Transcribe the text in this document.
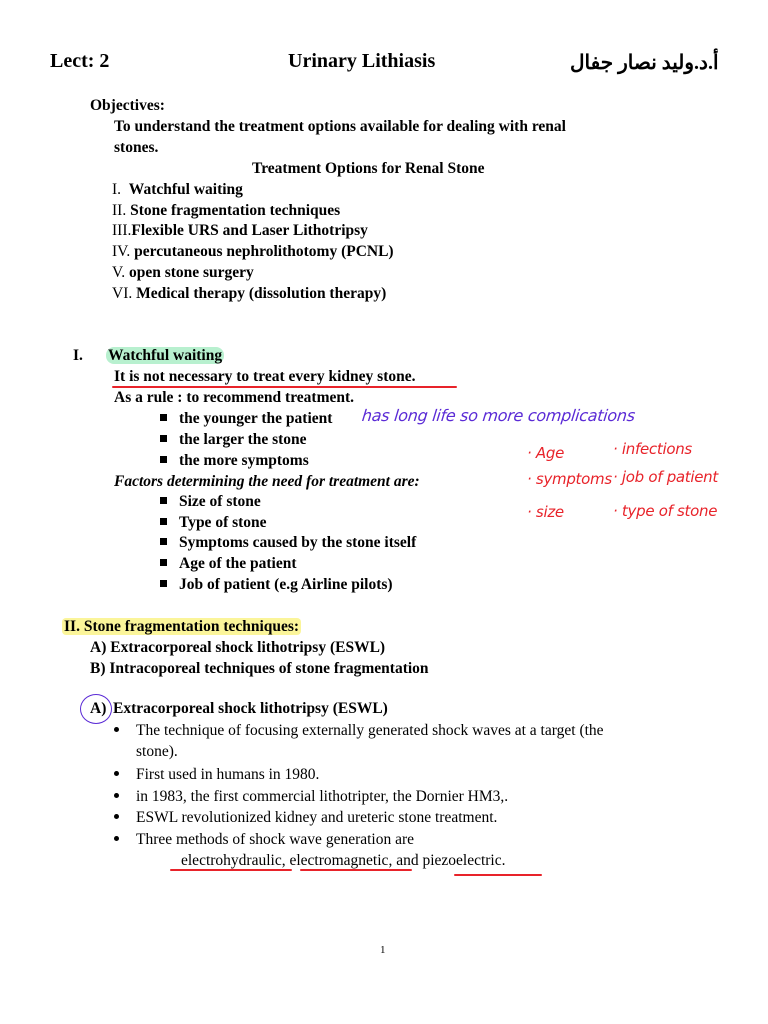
Lect: 2	Urinary Lithiasis	أ.د.وليد نصار جفال
Objectives:
To understand the treatment options available for dealing with renal
stones.
Treatment Options for Renal Stone
I. Watchful waiting
II. Stone fragmentation techniques
III.Flexible URS and Laser Lithotripsy
IV. percutaneous nephrolithotomy (PCNL)
V. open stone surgery
VI. Medical therapy (dissolution therapy)
I. Watchful waiting
It is not necessary to treat every kidney stone.
As a rule : to recommend treatment.
the younger the patient
the larger the stone
the more symptoms
Factors determining the need for treatment are:
Size of stone
Type of stone
Symptoms caused by the stone itself
Age of the patient
Job of patient (e.g Airline pilots)
has long life so more complications
· Age
· symptoms
· size
· infections
· job of patient
· type of stone
II. Stone fragmentation techniques:
A) Extracorporeal shock lithotripsy (ESWL)
B) Intracoporeal techniques of stone fragmentation
A) Extracorporeal shock lithotripsy (ESWL)
The technique of focusing externally generated shock waves at a target (the
stone).
First used in humans in 1980.
in 1983, the first commercial lithotripter, the Dornier HM3,.
ESWL revolutionized kidney and ureteric stone treatment.
Three methods of shock wave generation are
electrohydraulic, electromagnetic, and piezoelectric.
1
